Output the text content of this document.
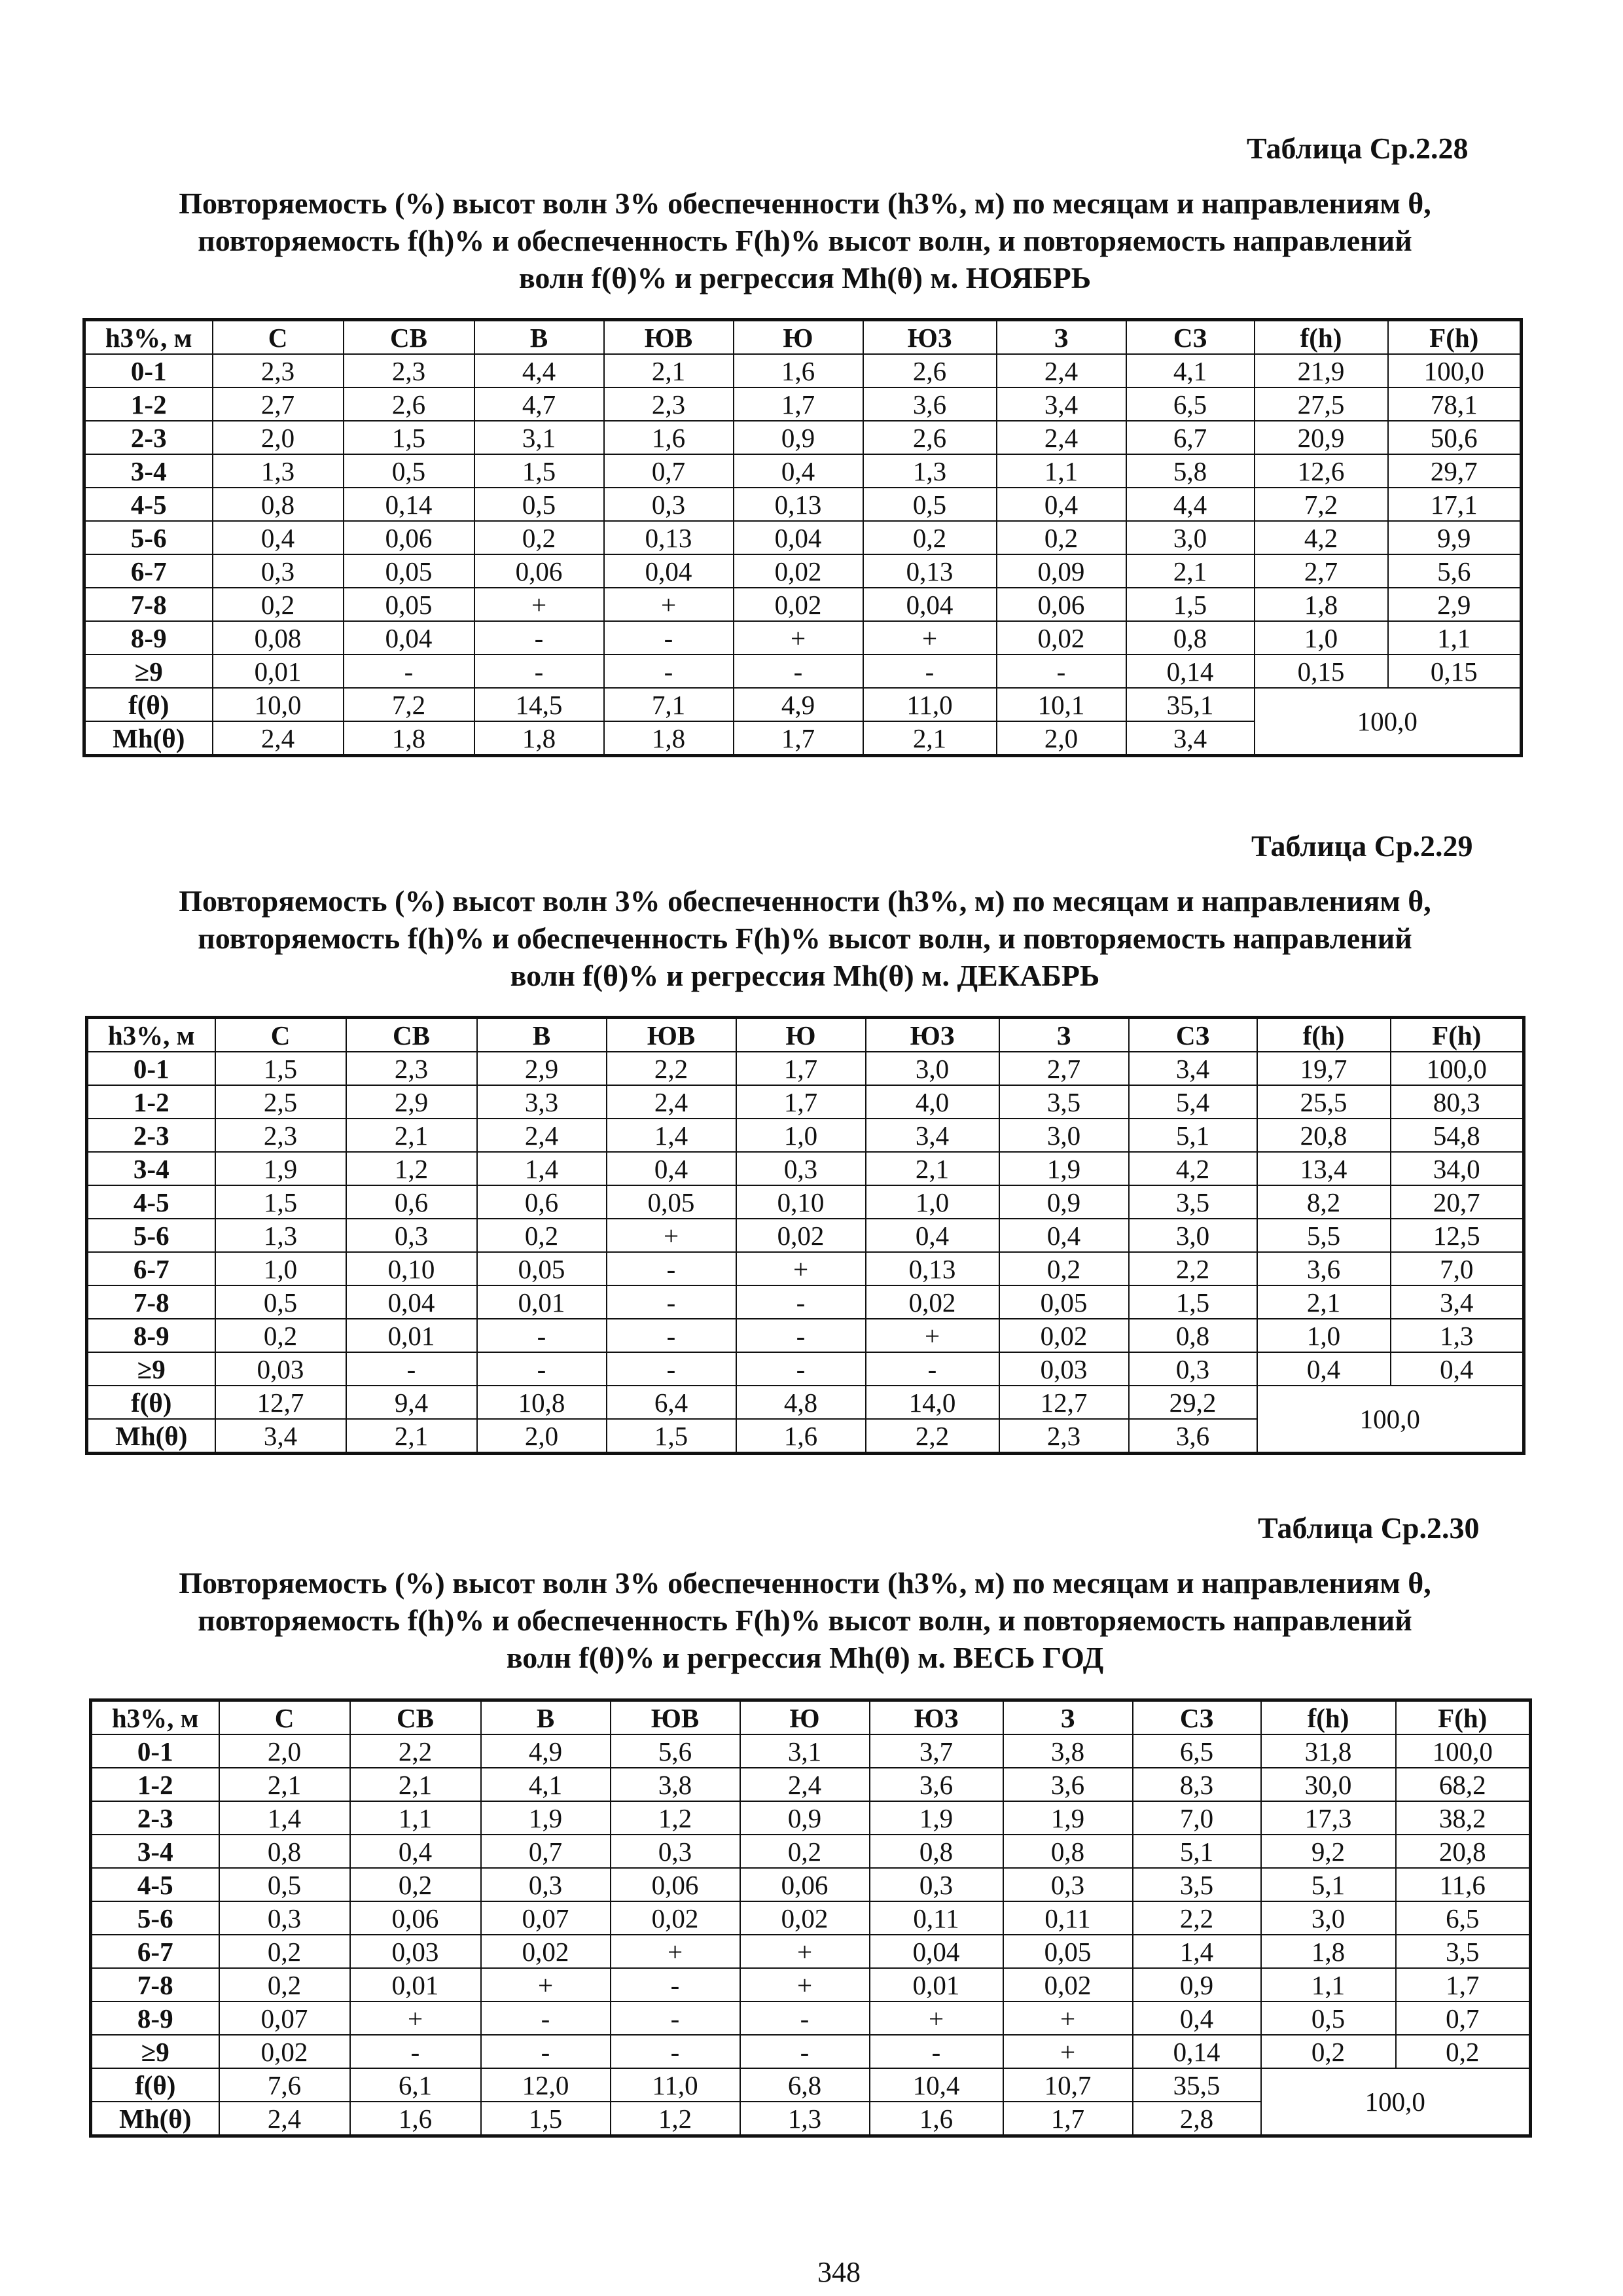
Таблица Ср.2.28
Повторяемость (%) высот волн 3% обеспеченности (h3%, м) по месяцам и направлениям θ,
повторяемость f(h)% и обеспеченность F(h)% высот волн, и повторяемость направлений
волн f(θ)% и регрессия Mh(θ) м. НОЯБРЬ
h3%, м	С	СВ	В	ЮВ	Ю	ЮЗ	З	СЗ	f(h)	F(h)
0-1	2,3	2,3	4,4	2,1	1,6	2,6	2,4	4,1	21,9	100,0
1-2	2,7	2,6	4,7	2,3	1,7	3,6	3,4	6,5	27,5	78,1
2-3	2,0	1,5	3,1	1,6	0,9	2,6	2,4	6,7	20,9	50,6
3-4	1,3	0,5	1,5	0,7	0,4	1,3	1,1	5,8	12,6	29,7
4-5	0,8	0,14	0,5	0,3	0,13	0,5	0,4	4,4	7,2	17,1
5-6	0,4	0,06	0,2	0,13	0,04	0,2	0,2	3,0	4,2	9,9
6-7	0,3	0,05	0,06	0,04	0,02	0,13	0,09	2,1	2,7	5,6
7-8	0,2	0,05	+	+	0,02	0,04	0,06	1,5	1,8	2,9
8-9	0,08	0,04	-	-	+	+	0,02	0,8	1,0	1,1
≥9	0,01	-	-	-	-	-	-	0,14	0,15	0,15
f(θ)	10,0	7,2	14,5	7,1	4,9	11,0	10,1	35,1	100,0	
Mh(θ)	2,4	1,8	1,8	1,8	1,7	2,1	2,0	3,4		
Таблица Ср.2.29
Повторяемость (%) высот волн 3% обеспеченности (h3%, м) по месяцам и направлениям θ,
повторяемость f(h)% и обеспеченность F(h)% высот волн, и повторяемость направлений
волн f(θ)% и регрессия Mh(θ) м. ДЕКАБРЬ
h3%, м	С	СВ	В	ЮВ	Ю	ЮЗ	З	СЗ	f(h)	F(h)
0-1	1,5	2,3	2,9	2,2	1,7	3,0	2,7	3,4	19,7	100,0
1-2	2,5	2,9	3,3	2,4	1,7	4,0	3,5	5,4	25,5	80,3
2-3	2,3	2,1	2,4	1,4	1,0	3,4	3,0	5,1	20,8	54,8
3-4	1,9	1,2	1,4	0,4	0,3	2,1	1,9	4,2	13,4	34,0
4-5	1,5	0,6	0,6	0,05	0,10	1,0	0,9	3,5	8,2	20,7
5-6	1,3	0,3	0,2	+	0,02	0,4	0,4	3,0	5,5	12,5
6-7	1,0	0,10	0,05	-	+	0,13	0,2	2,2	3,6	7,0
7-8	0,5	0,04	0,01	-	-	0,02	0,05	1,5	2,1	3,4
8-9	0,2	0,01	-	-	-	+	0,02	0,8	1,0	1,3
≥9	0,03	-	-	-	-	-	0,03	0,3	0,4	0,4
f(θ)	12,7	9,4	10,8	6,4	4,8	14,0	12,7	29,2	100,0	
Mh(θ)	3,4	2,1	2,0	1,5	1,6	2,2	2,3	3,6		
Таблица Ср.2.30
Повторяемость (%) высот волн 3% обеспеченности (h3%, м) по месяцам и направлениям θ,
повторяемость f(h)% и обеспеченность F(h)% высот волн, и повторяемость направлений
волн f(θ)% и регрессия Mh(θ) м. ВЕСЬ ГОД
h3%, м	С	СВ	В	ЮВ	Ю	ЮЗ	З	СЗ	f(h)	F(h)
0-1	2,0	2,2	4,9	5,6	3,1	3,7	3,8	6,5	31,8	100,0
1-2	2,1	2,1	4,1	3,8	2,4	3,6	3,6	8,3	30,0	68,2
2-3	1,4	1,1	1,9	1,2	0,9	1,9	1,9	7,0	17,3	38,2
3-4	0,8	0,4	0,7	0,3	0,2	0,8	0,8	5,1	9,2	20,8
4-5	0,5	0,2	0,3	0,06	0,06	0,3	0,3	3,5	5,1	11,6
5-6	0,3	0,06	0,07	0,02	0,02	0,11	0,11	2,2	3,0	6,5
6-7	0,2	0,03	0,02	+	+	0,04	0,05	1,4	1,8	3,5
7-8	0,2	0,01	+	-	+	0,01	0,02	0,9	1,1	1,7
8-9	0,07	+	-	-	-	+	+	0,4	0,5	0,7
≥9	0,02	-	-	-	-	-	+	0,14	0,2	0,2
f(θ)	7,6	6,1	12,0	11,0	6,8	10,4	10,7	35,5	100,0	
Mh(θ)	2,4	1,6	1,5	1,2	1,3	1,6	1,7	2,8		
348
